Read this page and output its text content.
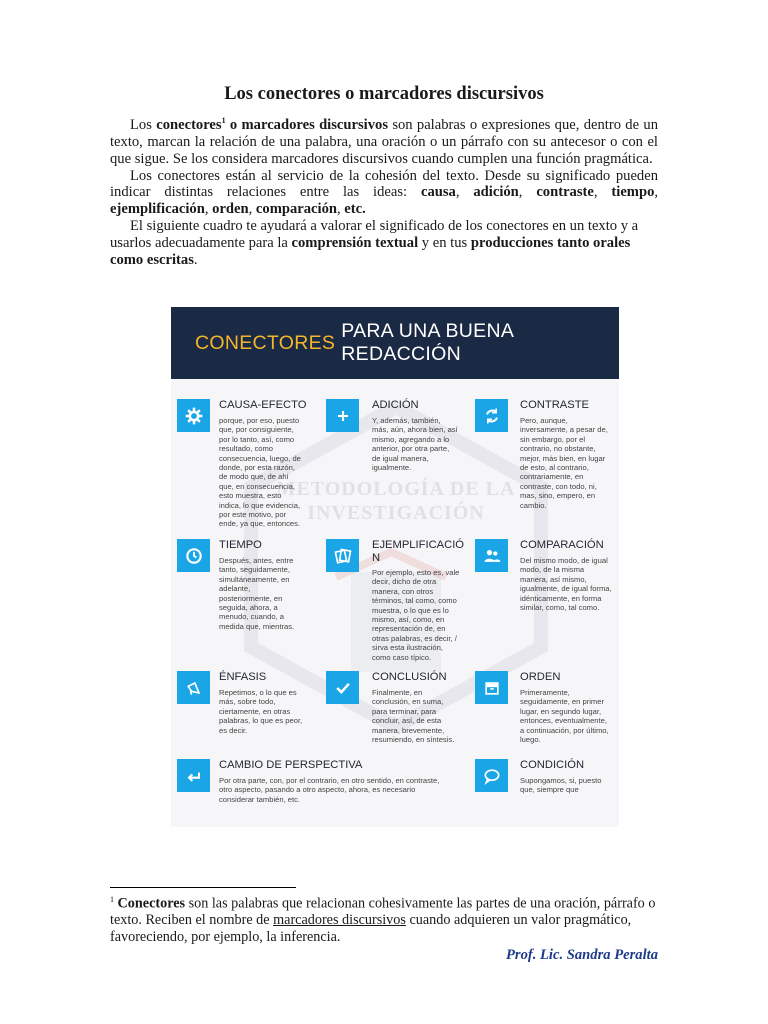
Los conectores o marcadores discursivos

Los conectores$^1$ o marcadores discursivos son palabras o expresiones que, dentro de un texto, marcan la relación de una palabra, una oración o un párrafo con su antecesor o con el que sigue. Se los considera marcadores discursivos cuando cumplen una función pragmática.

Los conectores están al servicio de la cohesión del texto. Desde su significado pueden indicar distintas relaciones entre las ideas: causa, adición, contraste, tiempo, ejemplificación, orden, comparación, etc.

El siguiente cuadro te ayudará a valorar el significado de los conectores en un texto y a usarlos adecuadamente para la comprensión textual y en tus producciones tanto orales como escritas.

CONECTORES
PARA UNA BUENA REDACCIÓN
METODOLOGÍA DE LA INVESTIGACIÓN
CAUSA-EFECTO
porque, por eso, puesto que, por consiguiente, por lo tanto, así, como resultado, como consecuencia, luego, de donde, por esta razón, de modo que, de ahí que, en consecuencia, esto muestra, esto indica, lo que evidencia, por este motivo, por ende, ya que, entonces.
ADICIÓN
Y, además, también, más, aún, ahora bien, así mismo, agregando a lo anterior, por otra parte, de igual manera, igualmente.
CONTRASTE
Pero, aunque, inversamente, a pesar de, sin embargo, por el contrario, no obstante, mejor, más bien, en lugar de esto, al contrario, contrariamente, en contraste, con todo, ni, mas, sino, empero, en cambio.
TIEMPO
Después, antes, entre tanto, seguidamente, simultáneamente, en adelante, posteriormente, en seguida, ahora, a menudo, cuando, a medida que, mientras.
EJEMPLIFICACIÓ N
Por ejemplo, esto es, vale decir, dicho de otra manera, con otros términos, tal como, como muestra, o lo que es lo mismo, así, como, en representación de, en otras palabras, es decir, / sirva esta ilustración, como caso típico.
COMPARACIÓN
Del mismo modo, de igual modo, de la misma manera, así mismo, igualmente, de igual forma, idénticamente, en forma similar, como, tal como.
ÉNFASIS
Repetimos, o lo que es más, sobre todo, ciertamente, en otras palabras, lo que es peor, es decir.
CONCLUSIÓN
Finalmente, en conclusión, en suma, para terminar, para concluir, así, de esta manera, brevemente, resumiendo, en síntesis.
ORDEN
Primeramente, seguidamente, en primer lugar, en segundo lugar, entonces, eventualmente, a continuación, por último, luego.
CAMBIO DE PERSPECTIVA
Por otra parte, con, por el contrario, en otro sentido, en contraste, otro aspecto, pasando a otro aspecto, ahora, es necesario considerar también, etc.
CONDICIÓN
Supongamos, si, puesto que, siempre que
$^1$ Conectores son las palabras que relacionan cohesivamente las partes de una oración, párrafo o texto. Reciben el nombre de marcadores discursivos cuando adquieren un valor pragmático, favoreciendo, por ejemplo, la inferencia.
Prof. Lic. Sandra Peralta
